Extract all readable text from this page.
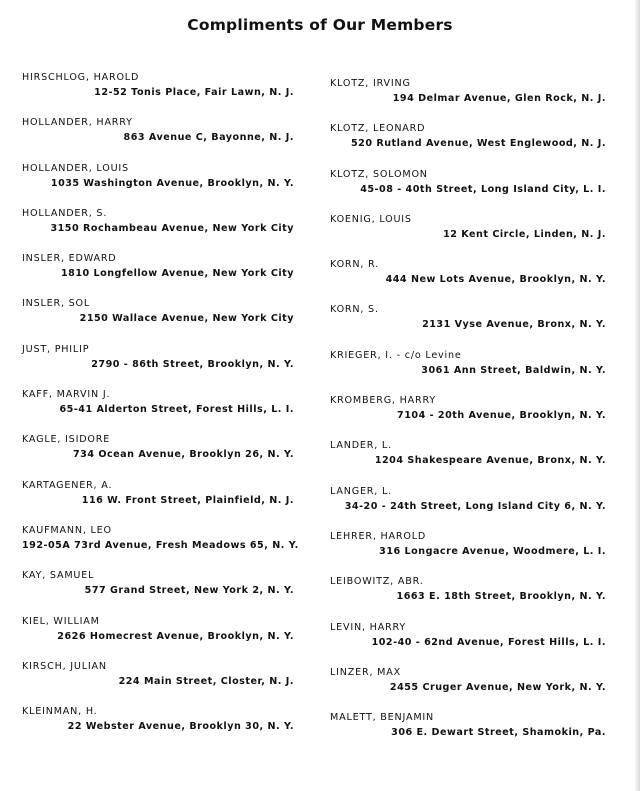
Compliments of Our Members
HIRSCHLOG, HAROLD
12-52 Tonis Place, Fair Lawn, N. J.
HOLLANDER, HARRY
863 Avenue C, Bayonne, N. J.
HOLLANDER, LOUIS
1035 Washington Avenue, Brooklyn, N. Y.
HOLLANDER, S.
3150 Rochambeau Avenue, New York City
INSLER, EDWARD
1810 Longfellow Avenue, New York City
INSLER, SOL
2150 Wallace Avenue, New York City
JUST, PHILIP
2790 - 86th Street, Brooklyn, N. Y.
KAFF, MARVIN J.
65-41 Alderton Street, Forest Hills, L. I.
KAGLE, ISIDORE
734 Ocean Avenue, Brooklyn 26, N. Y.
KARTAGENER, A.
116 W. Front Street, Plainfield, N. J.
KAUFMANN, LEO
192-05A 73rd Avenue, Fresh Meadows 65, N. Y.
KAY, SAMUEL
577 Grand Street, New York 2, N. Y.
KIEL, WILLIAM
2626 Homecrest Avenue, Brooklyn, N. Y.
KIRSCH, JULIAN
224 Main Street, Closter, N. J.
KLEINMAN, H.
22 Webster Avenue, Brooklyn 30, N. Y.
KLOTZ, IRVING
194 Delmar Avenue, Glen Rock, N. J.
KLOTZ, LEONARD
520 Rutland Avenue, West Englewood, N. J.
KLOTZ, SOLOMON
45-08 - 40th Street, Long Island City, L. I.
KOENIG, LOUIS
12 Kent Circle, Linden, N. J.
KORN, R.
444 New Lots Avenue, Brooklyn, N. Y.
KORN, S.
2131 Vyse Avenue, Bronx, N. Y.
KRIEGER, I. - c/o Levine
3061 Ann Street, Baldwin, N. Y.
KROMBERG, HARRY
7104 - 20th Avenue, Brooklyn, N. Y.
LANDER, L.
1204 Shakespeare Avenue, Bronx, N. Y.
LANGER, L.
34-20 - 24th Street, Long Island City 6, N. Y.
LEHRER, HAROLD
316 Longacre Avenue, Woodmere, L. I.
LEIBOWITZ, ABR.
1663 E. 18th Street, Brooklyn, N. Y.
LEVIN, HARRY
102-40 - 62nd Avenue, Forest Hills, L. I.
LINZER, MAX
2455 Cruger Avenue, New York, N. Y.
MALETT, BENJAMIN
306 E. Dewart Street, Shamokin, Pa.
